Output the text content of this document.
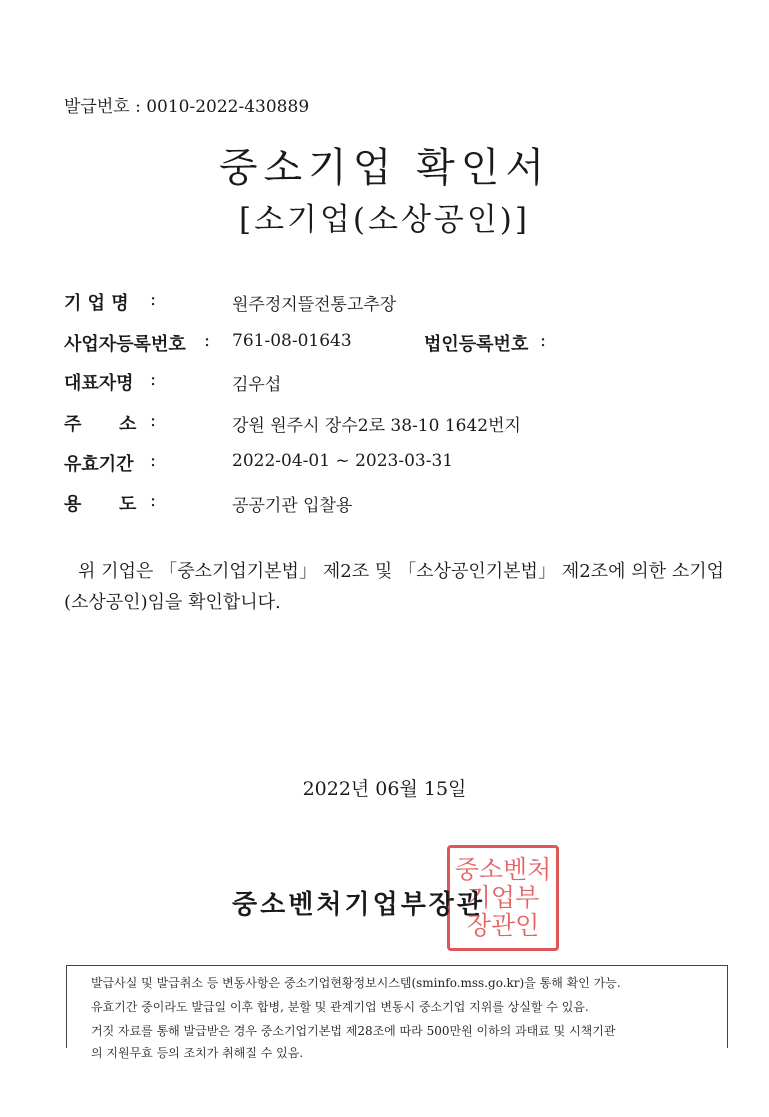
발급번호 : 0010-2022-430889
중소기업 확인서
[소기업(소상공인)]
기 업 명 :	원주정지뜰전통고추장
사업자등록번호 : 761-08-01643	법인등록번호 :
대표자명 :	김우섭
주      소 :	강원 원주시 장수2로 38-10 1642번지
유효기간 :	2022-04-01 ~ 2023-03-31
용      도 :	공공기관 입찰용
위 기업은 「중소기업기본법」 제2조 및 「소상공인기본법」 제2조에 의한 소기업(소상공인)임을 확인합니다.
2022년 06월 15일
중소벤처
기업부
장관인
중소벤처기업부장관
발급사실 및 발급취소 등 변동사항은 중소기업현황정보시스템(sminfo.mss.go.kr)을 통해 확인 가능.
유효기간 중이라도 발급일 이후 합병, 분할 및 관계기업 변동시 중소기업 지위를 상실할 수 있음.
거짓 자료를 통해 발급받은 경우 중소기업기본법 제28조에 따라 500만원 이하의 과태료 및 시책기관
의 지원무효 등의 조치가 취해질 수 있음.
